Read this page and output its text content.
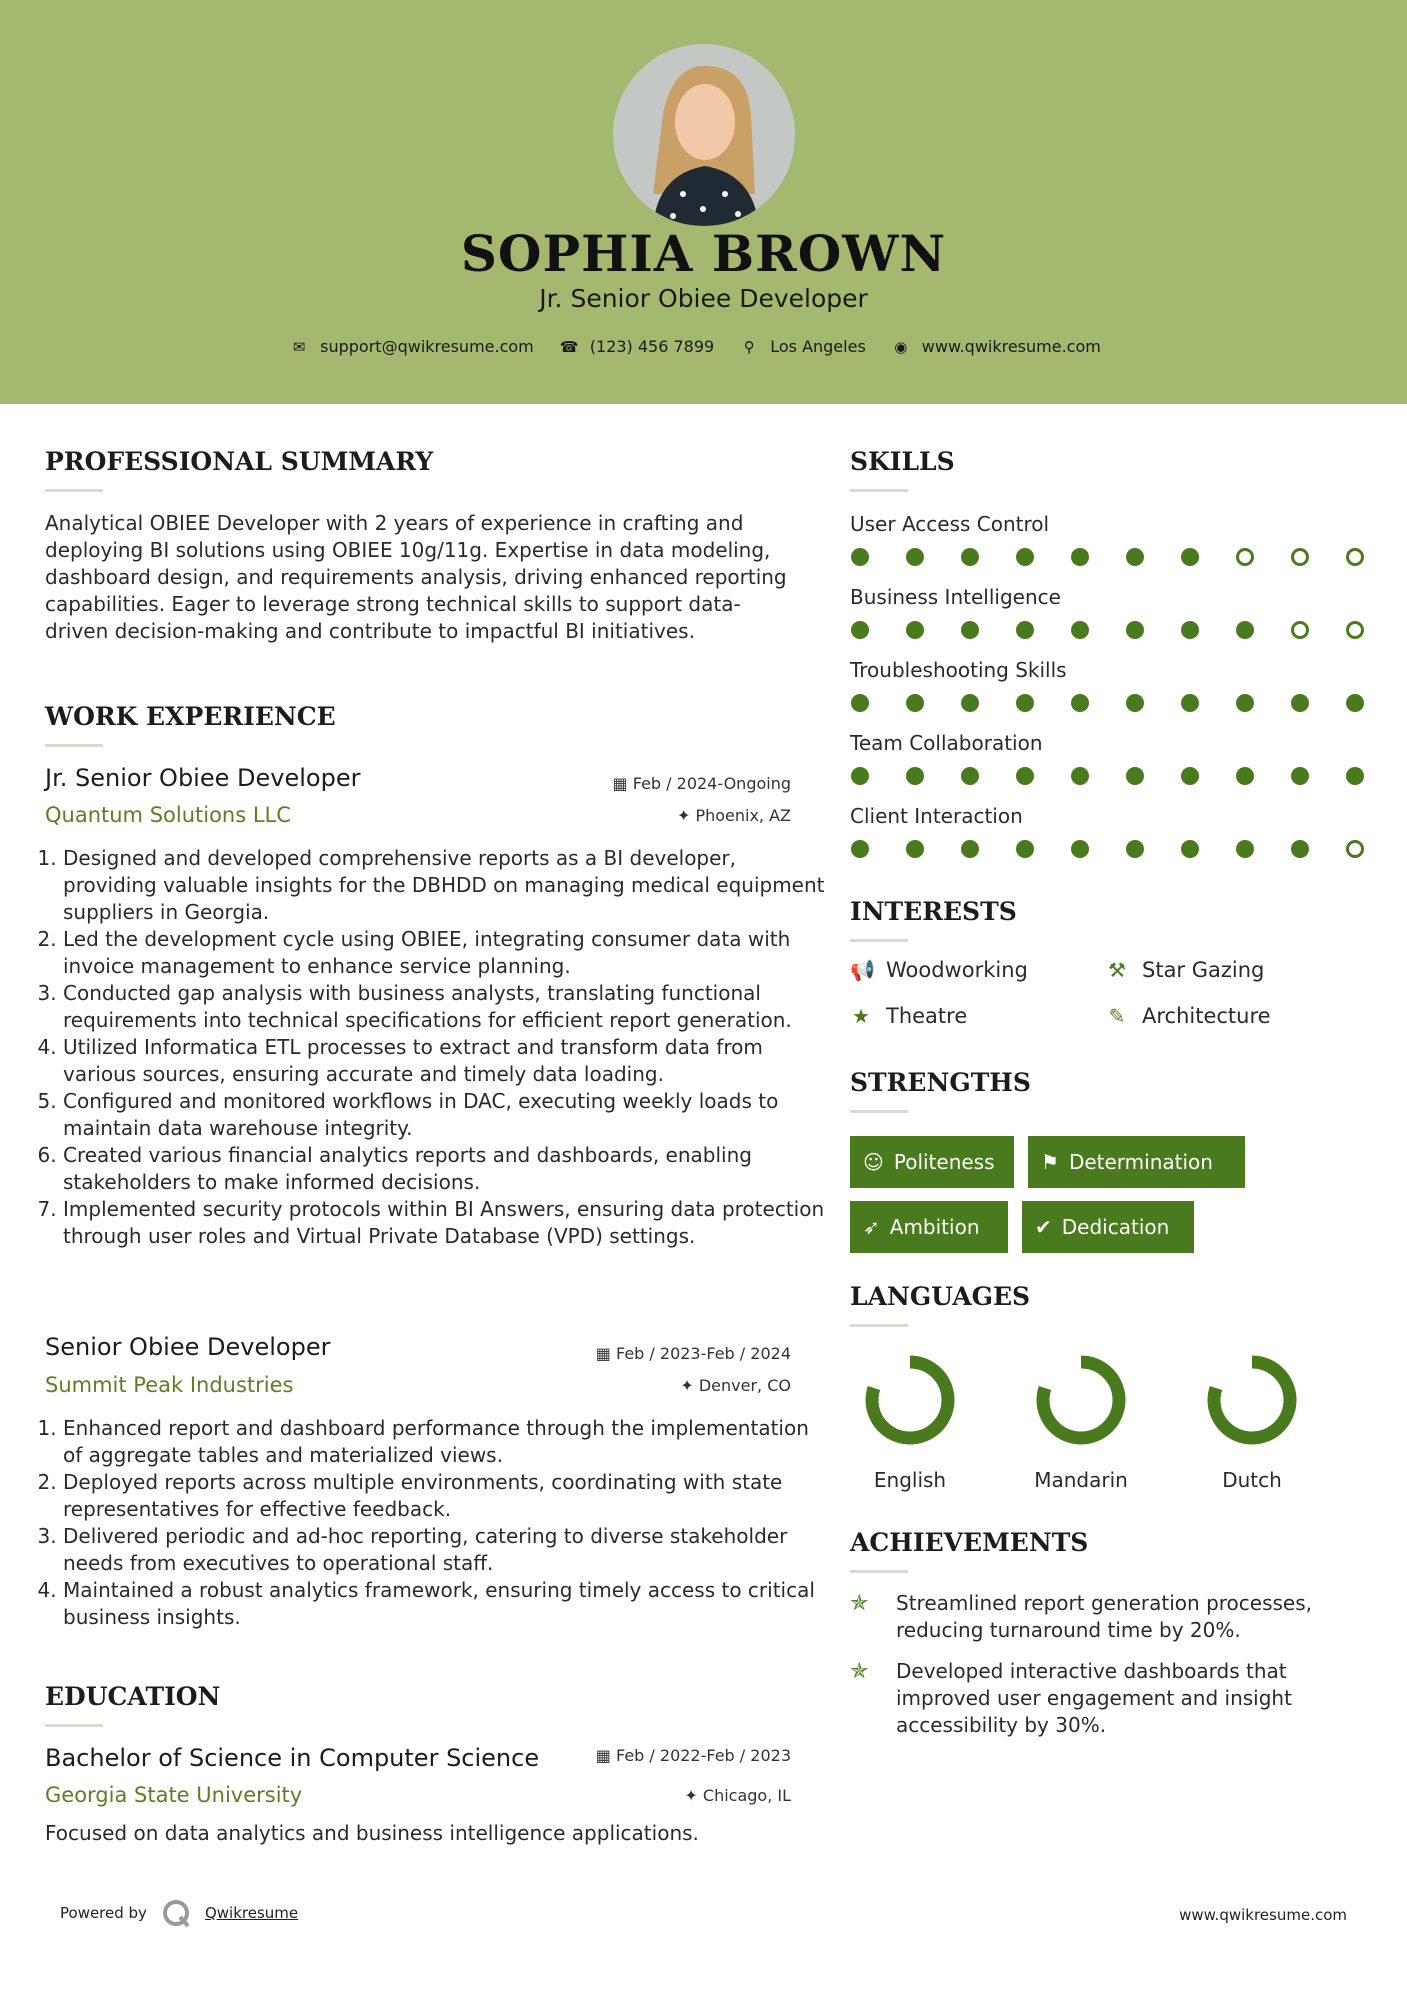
SOPHIA BROWN
Jr. Senior Obiee Developer
✉ support@qwikresume.com ☎ (123) 456 7899 ⚲ Los Angeles ◉ www.qwikresume.com
PROFESSIONAL SUMMARY
Analytical OBIEE Developer with 2 years of experience in crafting and deploying BI solutions using OBIEE 10g/11g. Expertise in data modeling, dashboard design, and requirements analysis, driving enhanced reporting capabilities. Eager to leverage strong technical skills to support data-driven decision-making and contribute to impactful BI initiatives.
WORK EXPERIENCE
Jr. Senior Obiee Developer	▦ Feb / 2024-Ongoing
Quantum Solutions LLC	✦ Phoenix, AZ
1. Designed and developed comprehensive reports as a BI developer, providing valuable insights for the DBHDD on managing medical equipment suppliers in Georgia.
2. Led the development cycle using OBIEE, integrating consumer data with invoice management to enhance service planning.
3. Conducted gap analysis with business analysts, translating functional requirements into technical specifications for efficient report generation.
4. Utilized Informatica ETL processes to extract and transform data from various sources, ensuring accurate and timely data loading.
5. Configured and monitored workflows in DAC, executing weekly loads to maintain data warehouse integrity.
6. Created various financial analytics reports and dashboards, enabling stakeholders to make informed decisions.
7. Implemented security protocols within BI Answers, ensuring data protection through user roles and Virtual Private Database (VPD) settings.
Senior Obiee Developer	▦ Feb / 2023-Feb / 2024
Summit Peak Industries	✦ Denver, CO
1. Enhanced report and dashboard performance through the implementation of aggregate tables and materialized views.
2. Deployed reports across multiple environments, coordinating with state representatives for effective feedback.
3. Delivered periodic and ad-hoc reporting, catering to diverse stakeholder needs from executives to operational staff.
4. Maintained a robust analytics framework, ensuring timely access to critical business insights.
EDUCATION
Bachelor of Science in Computer Science	▦ Feb / 2022-Feb / 2023
Georgia State University	✦ Chicago, IL
Focused on data analytics and business intelligence applications.
SKILLS
User Access Control
Business Intelligence
Troubleshooting Skills
Team Collaboration
Client Interaction
INTERESTS
📢 Woodworking	⚒ Star Gazing
★ Theatre	✎ Architecture
STRENGTHS
☺ Politeness ⚑ Determination
➶ Ambition	✔ Dedication
LANGUAGES
English	Mandarin	Dutch
ACHIEVEMENTS
✯	Streamlined report generation processes, reducing turnaround time by 20%.
✯	Developed interactive dashboards that improved user engagement and insight accessibility by 30%.
Powered by	Qwikresume	www.qwikresume.com
